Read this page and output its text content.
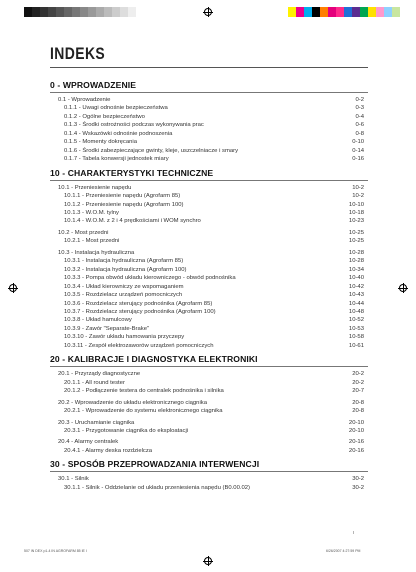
INDEKS
0 - WPROWADZENIE
0.1 - Wprowadzenie	0-2
0.1.1 - Uwagi odnośnie bezpieczeństwa	0-3
0.1.2 - Ogólne bezpieczeństwo	0-4
0.1.3 - Środki ostrożności podczas wykonywania prac	0-6
0.1.4 - Wskazówki odnośnie podnoszenia	0-8
0.1.5 - Momenty dokręcania	0-10
0.1.6 - Środki zabezpieczające gwinty, kleje, uszczelniacze i smary	0-14
0.1.7 - Tabela konwersji jednostek miary	0-16
10 - CHARAKTERYSTYKI TECHNICZNE
10.1 - Przeniesienie napędu	10-2
10.1.1 - Przeniesienie napędu (Agrofarm 85)	10-2
10.1.2 - Przeniesienie napędu (Agrofarm 100)	10-10
10.1.3 - W.O.M. tylny	10-18
10.1.4 - W.O.M. z 2 i 4 prędkościami i WOM synchro	10-23
10.2 - Most przedni	10-25
10.2.1 - Most przedni	10-25
10.3 - Instalacja hydrauliczna	10-28
10.3.1 - Instalacja hydrauliczna (Agrofarm 85)	10-28
10.3.2 - Instalacja hydrauliczna (Agrofarm 100)	10-34
10.3.3 - Pompa obwód układu kierowniczego - obwód podnośnika	10-40
10.3.4 - Układ kierowniczy ze wspomaganiem	10-42
10.3.5 - Rozdzielacz urządzeń pomocniczych	10-43
10.3.6 - Rozdzielacz sterujący podnośnika (Agrofarm 85)	10-44
10.3.7 - Rozdzielacz sterujący podnośnika (Agrofarm 100)	10-48
10.3.8 - Układ hamulcowy	10-52
10.3.9 - Zawór "Separate-Brake"	10-53
10.3.10 - Zawór układu hamowania przyczepy	10-58
10.3.11 - Zespół elektrozaworów urządzeń pomocniczych	10-61
20 - KALIBRACJE I DIAGNOSTYKA ELEKTRONIKI
20.1 - Przyrządy diagnostyczne	20-2
20.1.1 - All round tester	20-2
20.1.2 - Podłączenie testera do centralek podnośnika i silnika	20-7
20.2 - Wprowadzenie do układu elektronicznego ciągnika	20-8
20.2.1 - Wprowadzenie do systemu elektronicznego ciągnika	20-8
20.3 - Uruchamianie ciągnika	20-10
20.3.1 - Przygotowanie ciągnika do eksploatacji	20-10
20.4 - Alarmy centralek	20-16
20.4.1 - Alarmy deska rozdzielcza	20-16
30 - SPOSÓB PRZEPROWADZANIA INTERWENCJI
30.1 - Silnik	30-2
30.1.1 - Silnik - Oddzielanie od układu przeniesienia napędu (B0.00.02)	30-2
I
507 IN DEX p1-4 IN AGROFARM 85 IE I	6/26/2007 4:27:59 PM
